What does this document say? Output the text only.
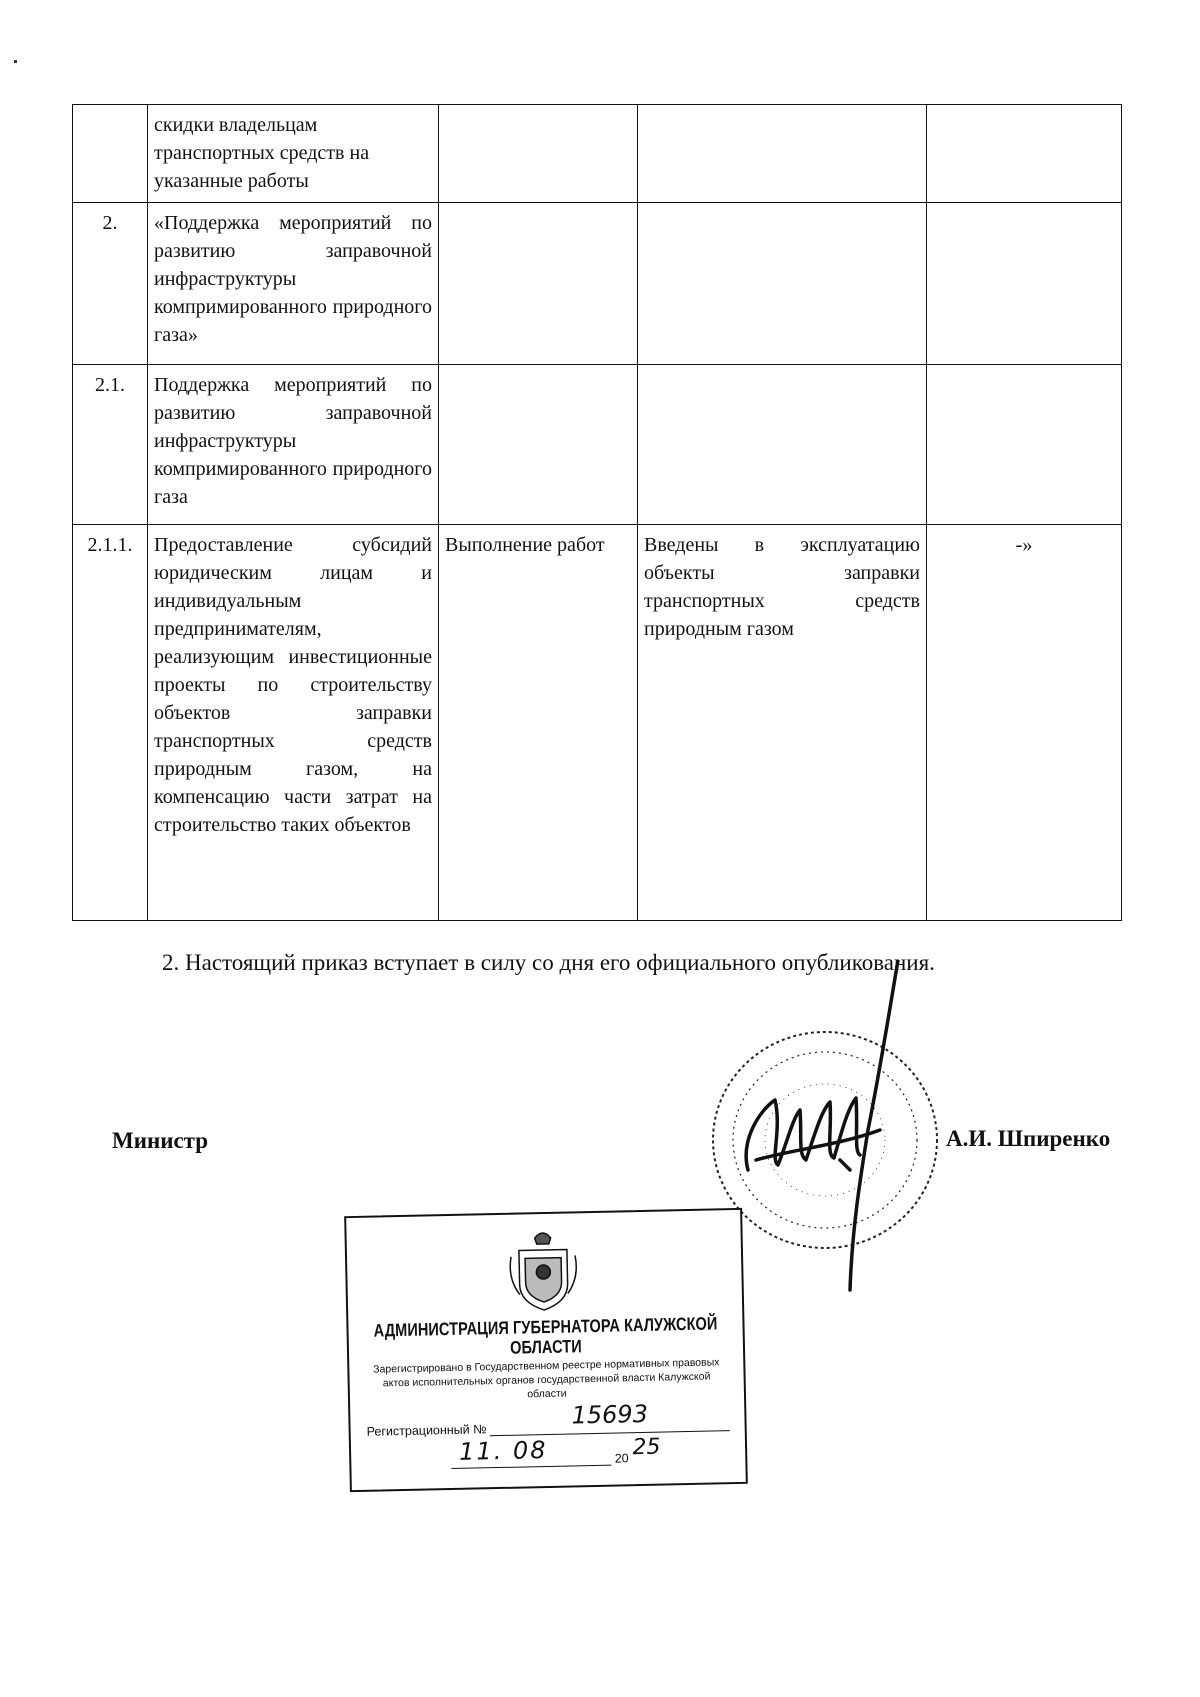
	скидки владельцам транспортных средств на указанные работы			
2.	«Поддержка мероприятий по развитию заправочной инфраструктуры компримированного природного газа»			
2.1.	Поддержка мероприятий по развитию заправочной инфраструктуры компримированного природного газа			
2.1.1.	Предоставление субсидий юридическим лицам и индивидуальным предпринимателям, реализующим инвестиционные проекты по строительству объектов заправки транспортных средств природным газом, на компенсацию части затрат на строительство таких объектов	Выполнение работ	Введены в эксплуатацию объекты заправки транспортных средств природным газом	-»
2. Настоящий приказ вступает в силу со дня его официального опубликования.
Министр	А.И. Шпиренко
АДМИНИСТРАЦИЯ ГУБЕРНАТОРА КАЛУЖСКОЙ ОБЛАСТИ
Зарегистрировано в Государственном реестре нормативных правовых актов исполнительных органов государственной власти Калужской области
Регистрационный №
15693
11. 08	20 25
